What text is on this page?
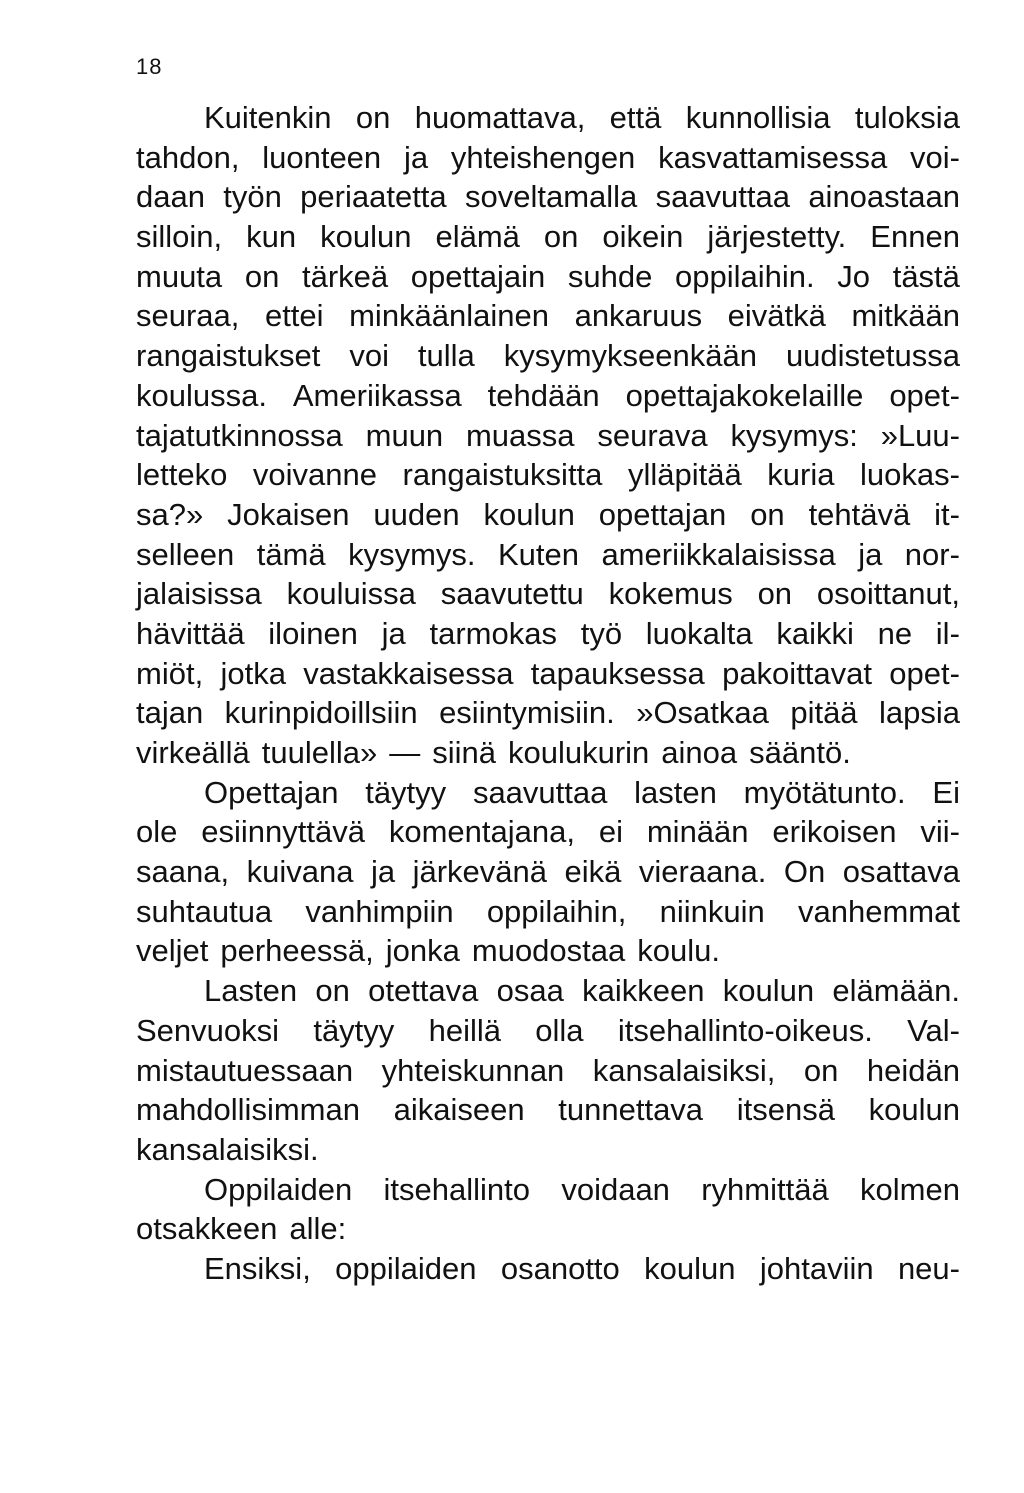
18
Kuitenkin on huomattava, että kunnollisia tuloksia
tahdon, luonteen ja yhteishengen kasvattamisessa voi-
daan työn periaatetta soveltamalla saavuttaa ainoastaan
silloin, kun koulun elämä on oikein järjestetty. Ennen
muuta on tärkeä opettajain suhde oppilaihin. Jo tästä
seuraa, ettei minkäänlainen ankaruus eivätkä mitkään
rangaistukset voi tulla kysymykseenkään uudistetussa
koulussa. Ameriikassa tehdään opettajakokelaille opet-
tajatutkinnossa muun muassa seurava kysymys: »Luu-
letteko voivanne rangaistuksitta ylläpitää kuria luokas-
sa?» Jokaisen uuden koulun opettajan on tehtävä it-
selleen tämä kysymys. Kuten ameriikkalaisissa ja nor-
jalaisissa kouluissa saavutettu kokemus on osoittanut,
hävittää iloinen ja tarmokas työ luokalta kaikki ne il-
miöt, jotka vastakkaisessa tapauksessa pakoittavat opet-
tajan kurinpidoillsiin esiintymisiin. »Osatkaa pitää lapsia
virkeällä tuulella» — siinä koulukurin ainoa sääntö.
Opettajan täytyy saavuttaa lasten myötätunto. Ei
ole esiinnyttävä komentajana, ei minään erikoisen vii-
saana, kuivana ja järkevänä eikä vieraana. On osattava
suhtautua vanhimpiin oppilaihin, niinkuin vanhemmat
veljet perheessä, jonka muodostaa koulu.
Lasten on otettava osaa kaikkeen koulun elämään.
Senvuoksi täytyy heillä olla itsehallinto-oikeus. Val-
mistautuessaan yhteiskunnan kansalaisiksi, on heidän
mahdollisimman aikaiseen tunnettava itsensä koulun
kansalaisiksi.
Oppilaiden itsehallinto voidaan ryhmittää kolmen
otsakkeen alle:
Ensiksi, oppilaiden osanotto koulun johtaviin neu-
